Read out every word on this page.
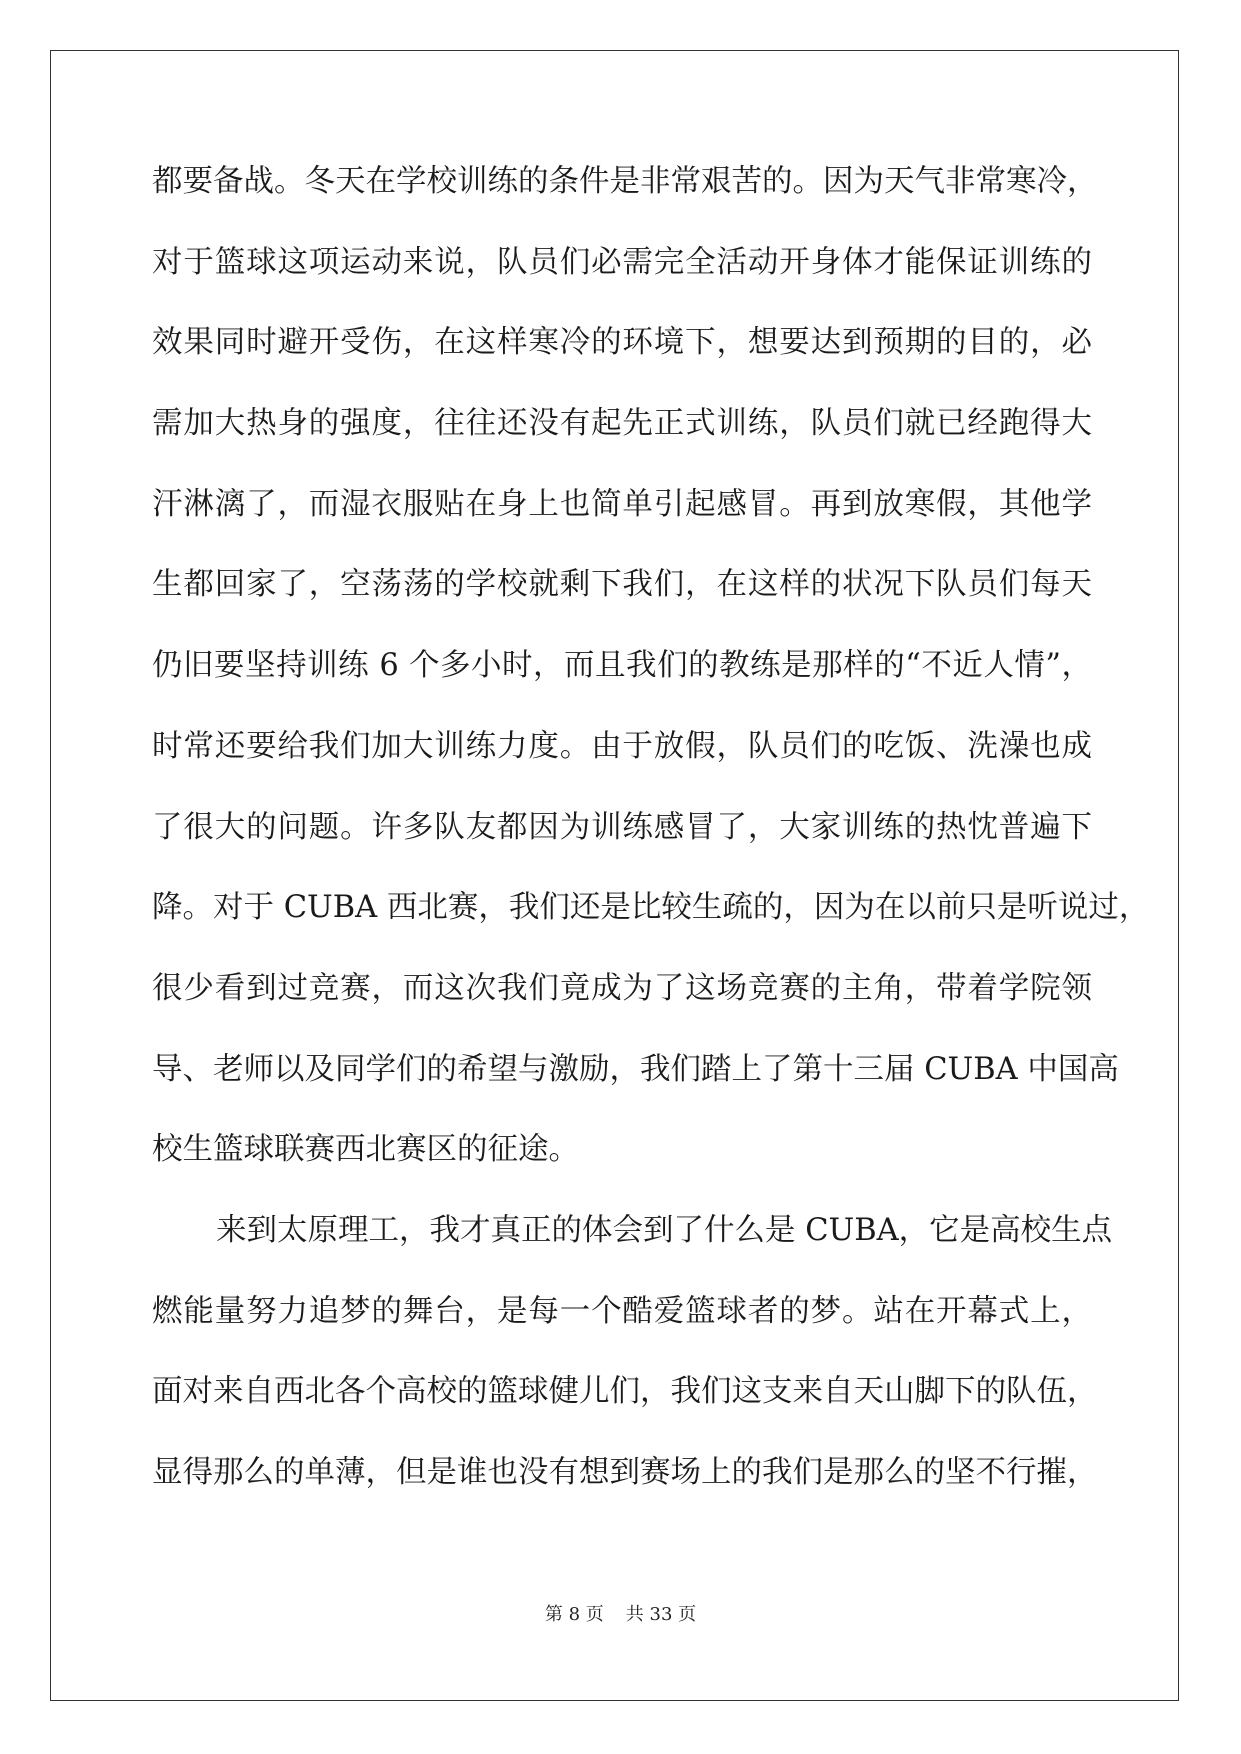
都要备战。冬天在学校训练的条件是非常艰苦的。因为天气非常寒冷，
对于篮球这项运动来说，队员们必需完全活动开身体才能保证训练的
效果同时避开受伤，在这样寒冷的环境下，想要达到预期的目的，必
需加大热身的强度，往往还没有起先正式训练，队员们就已经跑得大
汗淋漓了，而湿衣服贴在身上也简单引起感冒。再到放寒假，其他学
生都回家了，空荡荡的学校就剩下我们，在这样的状况下队员们每天
仍旧要坚持训练 6 个多小时，而且我们的教练是那样的“不近人情”，
时常还要给我们加大训练力度。由于放假，队员们的吃饭、洗澡也成
了很大的问题。许多队友都因为训练感冒了，大家训练的热忱普遍下
降。对于 CUBA 西北赛，我们还是比较生疏的，因为在以前只是听说过，
很少看到过竞赛，而这次我们竟成为了这场竞赛的主角，带着学院领
导、老师以及同学们的希望与激励，我们踏上了第十三届 CUBA 中国高
校生篮球联赛西北赛区的征途。
来到太原理工，我才真正的体会到了什么是 CUBA，它是高校生点
燃能量努力追梦的舞台，是每一个酷爱篮球者的梦。站在开幕式上，
面对来自西北各个高校的篮球健儿们，我们这支来自天山脚下的队伍，
显得那么的单薄，但是谁也没有想到赛场上的我们是那么的坚不行摧，
第 8 页 共 33 页
